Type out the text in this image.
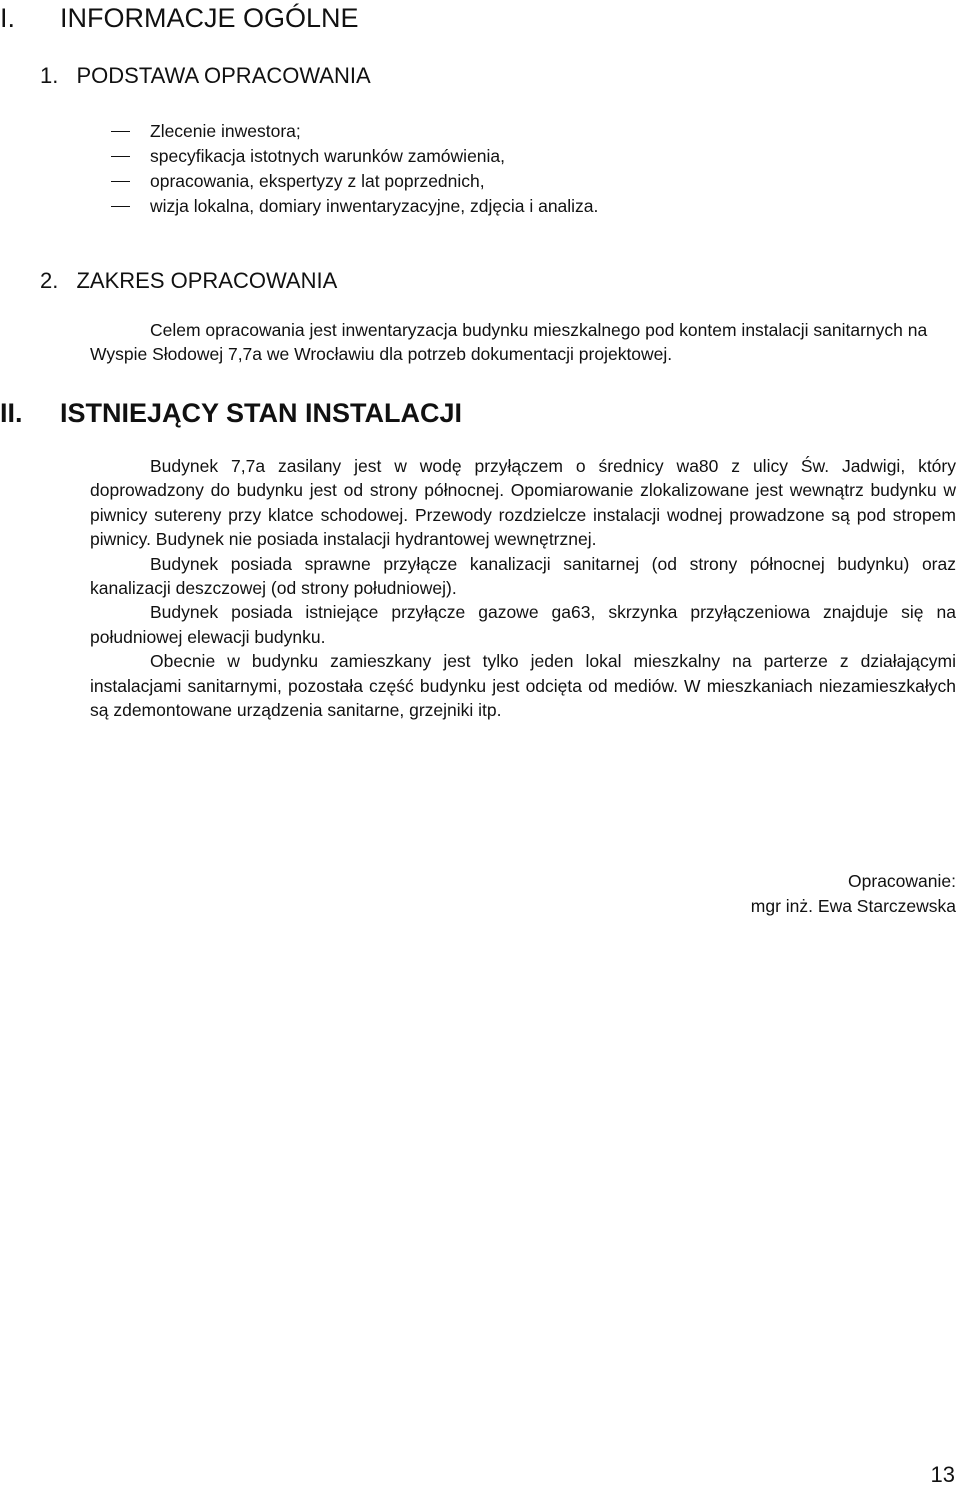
I. INFORMACJE OGÓLNE
1. PODSTAWA OPRACOWANIA
Zlecenie inwestora;
specyfikacja istotnych warunków zamówienia,
opracowania, ekspertyzy z lat poprzednich,
wizja lokalna, domiary inwentaryzacyjne, zdjęcia i analiza.
2. ZAKRES OPRACOWANIA

Celem opracowania jest inwentaryzacja budynku mieszkalnego pod kontem instalacji sanitarnych na Wyspie Słodowej 7,7a we Wrocławiu dla potrzeb dokumentacji projektowej.

II. ISTNIEJĄCY STAN INSTALACJI
Budynek 7,7a zasilany jest w wodę przyłączem o średnicy wa80 z ulicy Św. Jadwigi, który doprowadzony do budynku jest od strony północnej. Opomiarowanie zlokalizowane jest wewnątrz budynku w piwnicy sutereny przy klatce schodowej. Przewody rozdzielcze instalacji wodnej prowadzone są pod stropem piwnicy. Budynek nie posiada instalacji hydrantowej wewnętrznej.
Budynek posiada sprawne przyłącze kanalizacji sanitarnej (od strony północnej budynku) oraz kanalizacji deszczowej (od strony południowej).
Budynek posiada istniejące przyłącze gazowe ga63, skrzynka przyłączeniowa znajduje się na południowej elewacji budynku.
Obecnie w budynku zamieszkany jest tylko jeden lokal mieszkalny na parterze z działającymi instalacjami sanitarnymi, pozostała część budynku jest odcięta od mediów. W mieszkaniach niezamieszkałych są zdemontowane urządzenia sanitarne, grzejniki itp.
Opracowanie:
mgr inż. Ewa Starczewska
13
